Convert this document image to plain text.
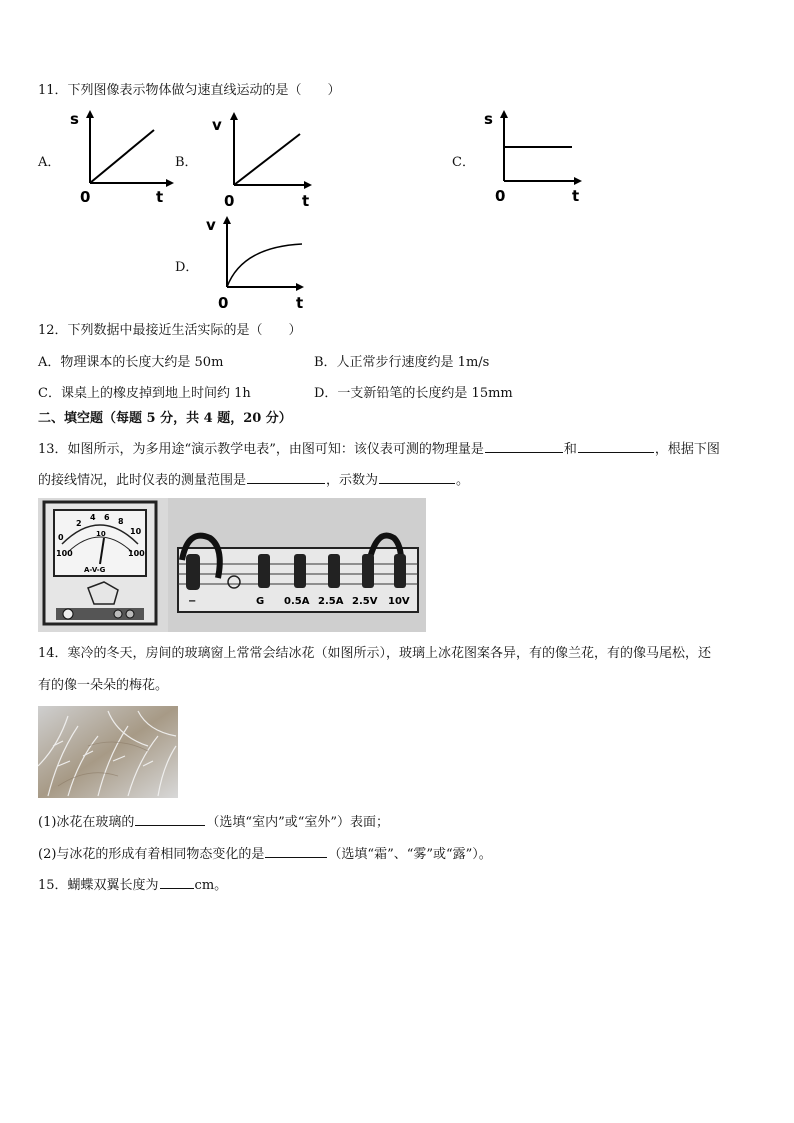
11．下列图像表示物体做匀速直线运动的是（　　）
A．
s
t
0
B．
v
t
0
C．
s
t
0
D．
v
t
0
12．下列数据中最接近生活实际的是（　　）
A．物理课本的长度大约是 50m	B．人正常步行速度约是 1m/s
C．课桌上的橡皮掉到地上时间约 1h	D．一支新铅笔的长度约是 15mm
二、填空题（每题 5 分，共 4 题，20 分）
13．如图所示，为多用途“演示教学电表”，由图可知：该仪表可测的物理量是	和	，根据下图
的接线情况，此时仪表的测量范围是	，示数为	。
0
2
4 6 8
10
10
100	100
A-V-G
−	G 0.5A 2.5A 2.5V 10V
14．寒冷的冬天，房间的玻璃窗上常常会结冰花（如图所示），玻璃上冰花图案各异，有的像兰花，有的像马尾松，还
有的像一朵朵的梅花。
(1)冰花在玻璃的	（选填“室内”或“室外”）表面；
(2)与冰花的形成有着相同物态变化的是	（选填“霜”、“雾”或“露”）。
15．蝴蝶双翼长度为	cm。
